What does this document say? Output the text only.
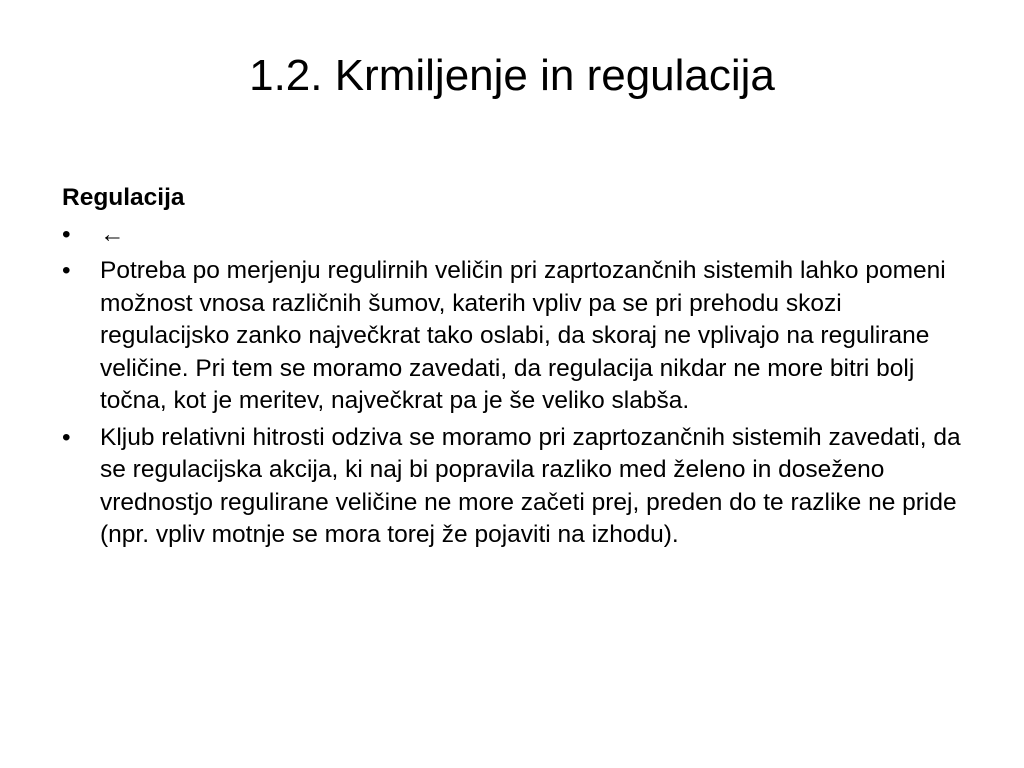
1.2. Krmiljenje in regulacija
Regulacija
• ←
• Potreba po merjenju regulirnih veličin pri zaprtozančnih sistemih lahko pomeni možnost vnosa različnih šumov, katerih vpliv pa se pri prehodu skozi regulacijsko zanko največkrat tako oslabi, da skoraj ne vplivajo na regulirane veličine. Pri tem se moramo zavedati, da regulacija nikdar ne more bitri bolj točna, kot je meritev, največkrat pa je še veliko slabša.
• Kljub relativni hitrosti odziva se moramo pri zaprtozančnih sistemih zavedati, da se regulacijska akcija, ki naj bi popravila razliko med želeno in doseženo vrednostjo regulirane veličine ne more začeti prej, preden do te razlike ne pride (npr. vpliv motnje se mora torej že pojaviti na izhodu).
